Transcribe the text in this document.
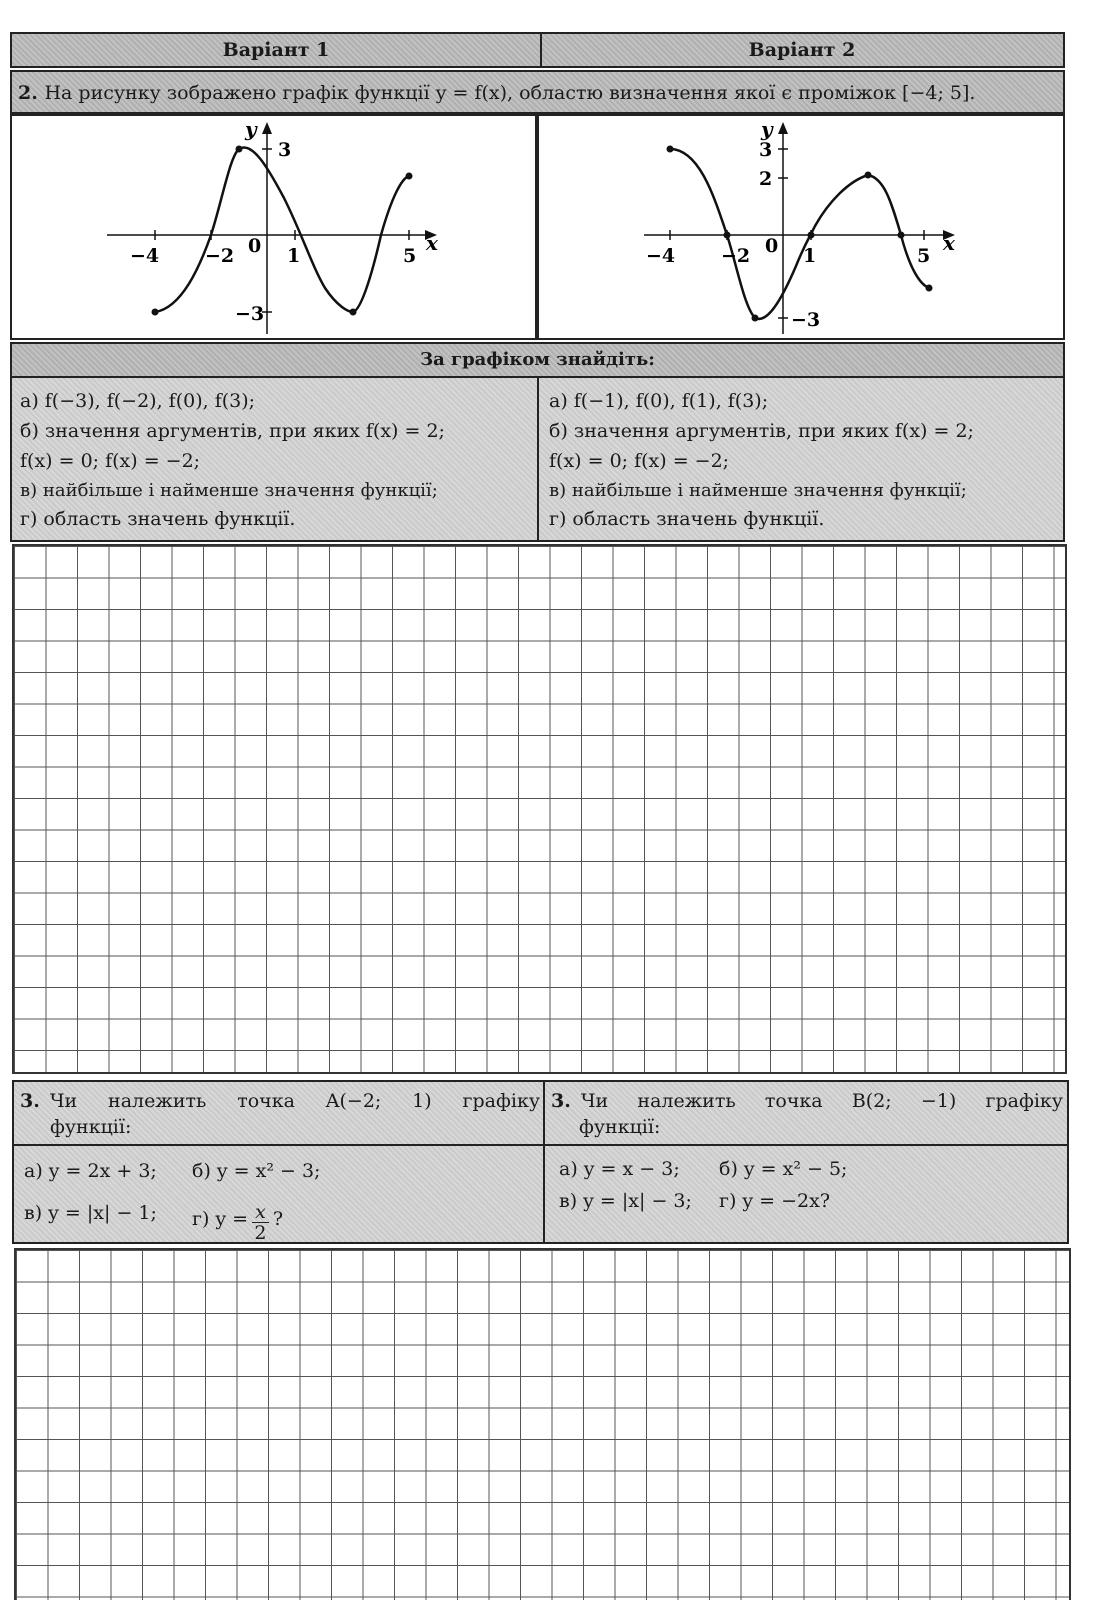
Варіант 1	Варіант 2
2. На рисунку зображено графік функції y = f(x), областю визначення якої є проміжок [−4; 5].
y
x
−4 −2 0 1	5
3
−3
y
x
−4 −2 0 1	5
3
2
−3
За графіком знайдіть:
а) f(−3), f(−2), f(0), f(3);
б) значення аргументів, при яких f(x) = 2;
f(x) = 0; f(x) = −2;
в) найбільше і найменше значення функції;
г) область значень функції.
а) f(−1), f(0), f(1), f(3);
б) значення аргументів, при яких f(x) = 2;
f(x) = 0; f(x) = −2;
в) найбільше і найменше значення функції;
г) область значень функції.
3. Чи належить точка A(−2; 1) графіку
функції:
3. Чи належить точка B(2; −1) графіку
функції:
а) y = 2x + 3; б) y = x² − 3;
в) y = |x| − 1; г) $y = \frac{x}{2}$ ?
а) y = x − 3; б) y = x² − 5;
в) y = |x| − 3; г) y = −2x?
